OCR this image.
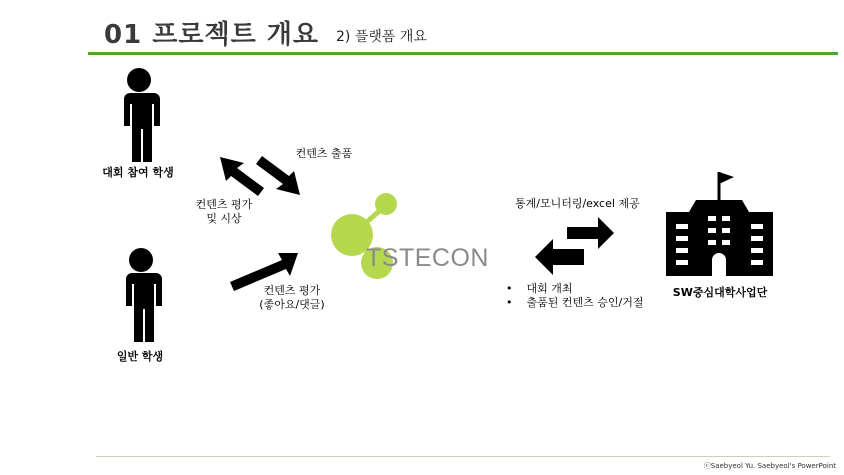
01 프로젝트 개요 2) 플랫폼 개요
TSTECON
대회 참여 학생
일반 학생
SW중심대학사업단
컨텐츠 출품
컨텐츠 평가
및 시상
컨텐츠 평가
(좋아요/댓글)
통계/모니터링/excel 제공
•    대회 개최
•    출품된 컨텐츠 승인/거절
ⓒSaebyeol Yu. Saebyeol's PowerPoint
